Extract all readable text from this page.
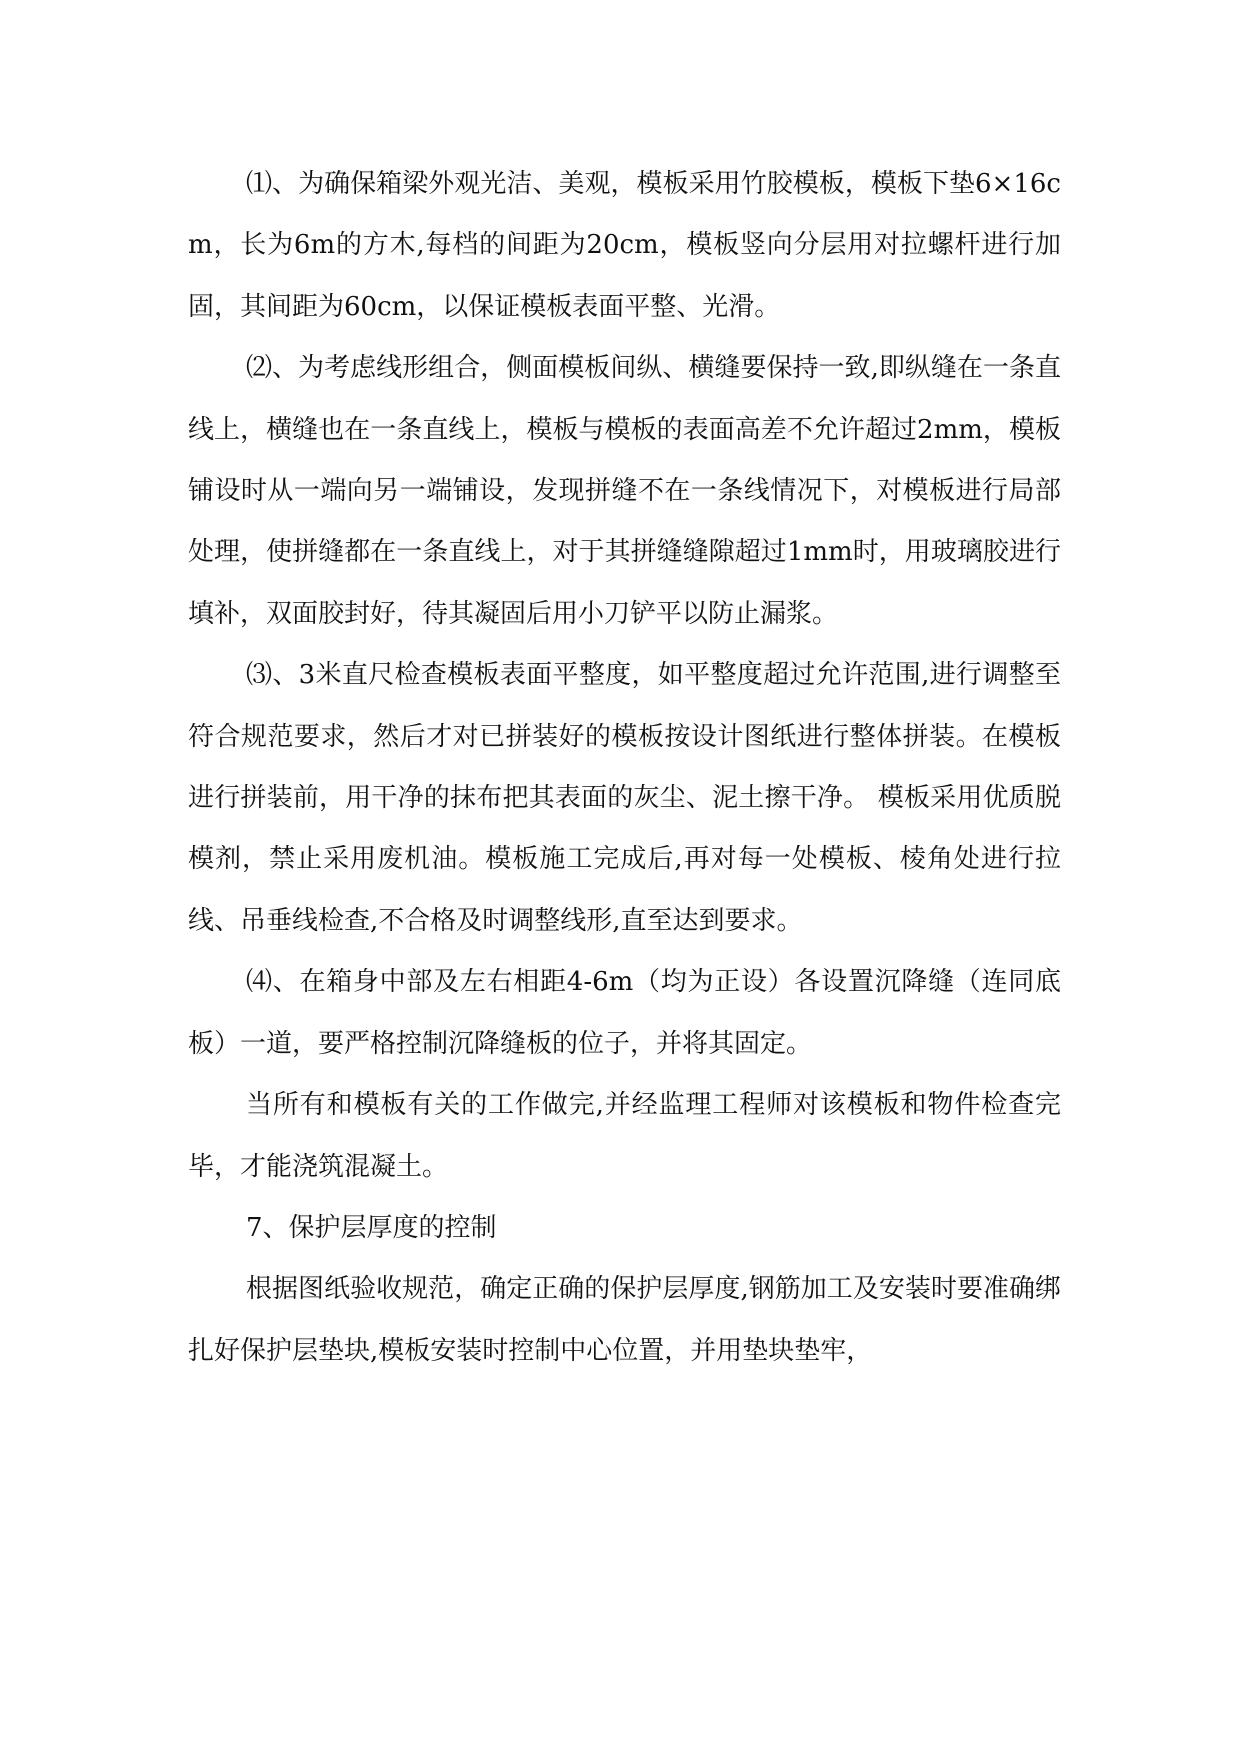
⑴、为确保箱梁外观光洁、美观，模板采用竹胶模板，模板下垫6×16cm，长为6m的方木,每档的间距为20cm，模板竖向分层用对拉螺杆进行加固，其间距为60cm，以保证模板表面平整、光滑。

⑵、为考虑线形组合，侧面模板间纵、横缝要保持一致,即纵缝在一条直线上，横缝也在一条直线上，模板与模板的表面高差不允许超过2mm，模板铺设时从一端向另一端铺设，发现拼缝不在一条线情况下，对模板进行局部处理，使拼缝都在一条直线上，对于其拼缝缝隙超过1mm时，用玻璃胶进行填补，双面胶封好，待其凝固后用小刀铲平以防止漏浆。

⑶、3米直尺检查模板表面平整度，如平整度超过允许范围,进行调整至符合规范要求，然后才对已拼装好的模板按设计图纸进行整体拼装。在模板进行拼装前，用干净的抹布把其表面的灰尘、泥土擦干净。 模板采用优质脱模剂，禁止采用废机油。模板施工完成后,再对每一处模板、棱角处进行拉线、吊垂线检查,不合格及时调整线形,直至达到要求。

⑷、在箱身中部及左右相距4-6m（均为正设）各设置沉降缝（连同底板）一道，要严格控制沉降缝板的位子，并将其固定。

当所有和模板有关的工作做完,并经监理工程师对该模板和物件检查完毕，才能浇筑混凝土。

7、保护层厚度的控制

根据图纸验收规范，确定正确的保护层厚度,钢筋加工及安装时要准确绑扎好保护层垫块,模板安装时控制中心位置，并用垫块垫牢，
